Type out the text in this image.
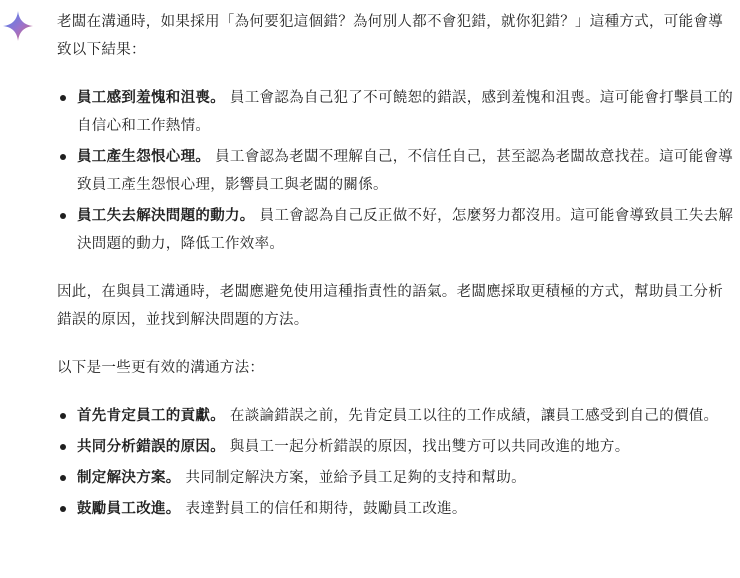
老闆在溝通時，如果採用「為何要犯這個錯？為何別人都不會犯錯，就你犯錯？」這種方式，可能會導致以下結果：

員工感到羞愧和沮喪。 員工會認為自己犯了不可饒恕的錯誤，感到羞愧和沮喪。這可能會打擊員工的自信心和工作熱情。
員工產生怨恨心理。 員工會認為老闆不理解自己，不信任自己，甚至認為老闆故意找茬。這可能會導致員工產生怨恨心理，影響員工與老闆的關係。
員工失去解決問題的動力。 員工會認為自己反正做不好，怎麼努力都沒用。這可能會導致員工失去解決問題的動力，降低工作效率。

因此，在與員工溝通時，老闆應避免使用這種指責性的語氣。老闆應採取更積極的方式，幫助員工分析錯誤的原因，並找到解決問題的方法。

以下是一些更有效的溝通方法：

首先肯定員工的貢獻。 在談論錯誤之前，先肯定員工以往的工作成績，讓員工感受到自己的價值。
共同分析錯誤的原因。 與員工一起分析錯誤的原因，找出雙方可以共同改進的地方。
制定解決方案。 共同制定解決方案，並給予員工足夠的支持和幫助。
鼓勵員工改進。 表達對員工的信任和期待，鼓勵員工改進。
